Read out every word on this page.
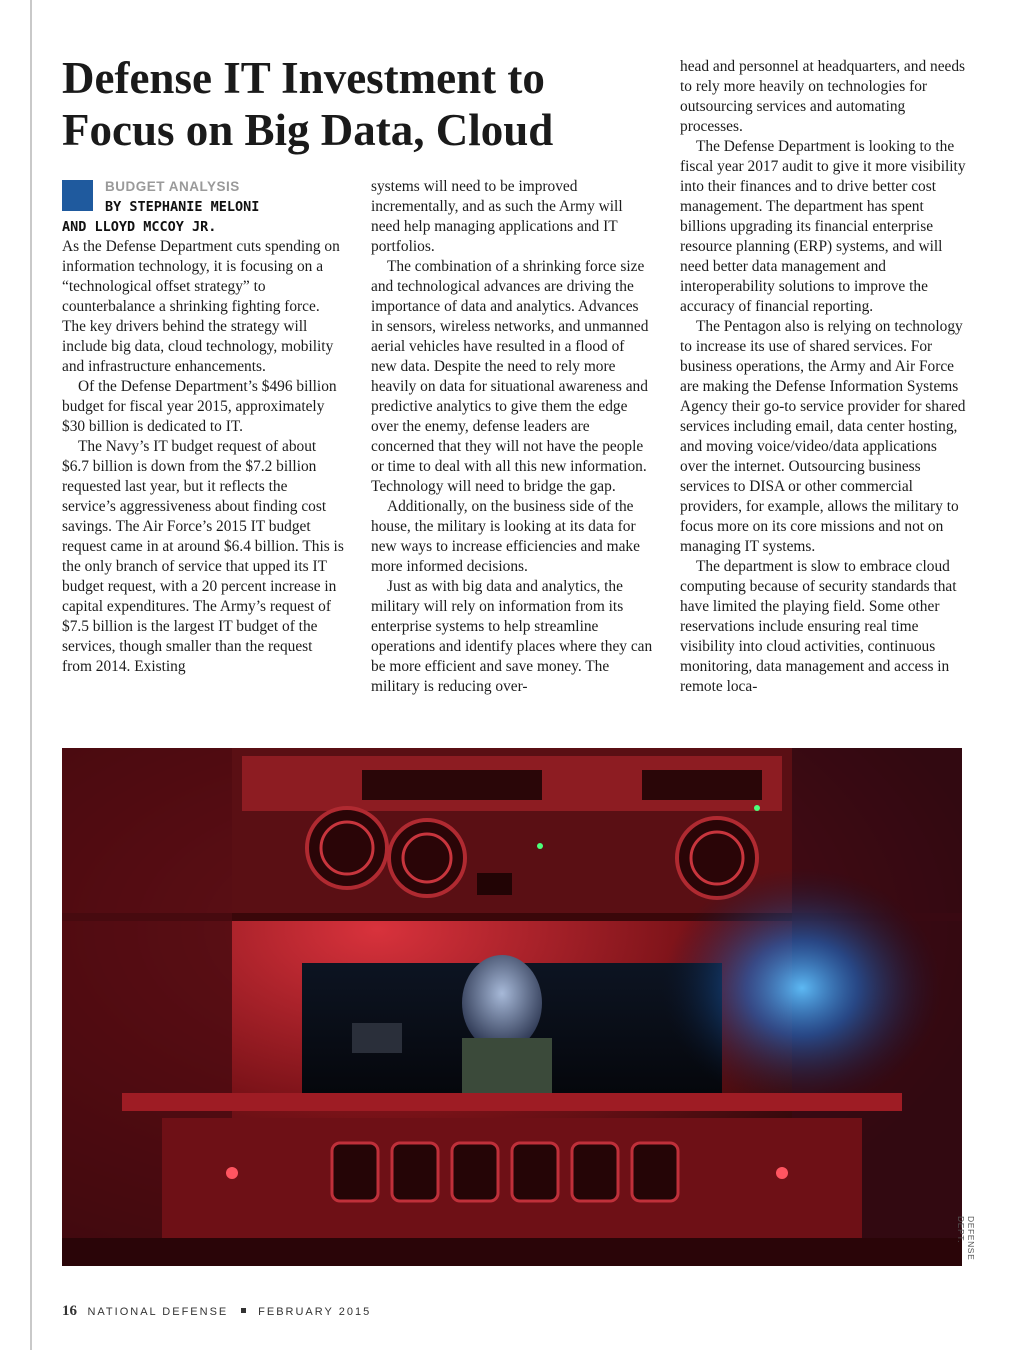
Defense IT Investment to Focus on Big Data, Cloud
BUDGET ANALYSIS
BY STEPHANIE MELONI
AND LLOYD MCCOY JR.

As the Defense Department cuts spending on information technology, it is focusing on a “technological offset strategy” to counterbalance a shrinking fighting force. The key drivers behind the strategy will include big data, cloud technology, mobility and infrastructure enhancements.

Of the Defense Department’s $496 billion budget for fiscal year 2015, approximately $30 billion is dedicated to IT.

The Navy’s IT budget request of about $6.7 billion is down from the $7.2 billion requested last year, but it reflects the service’s aggressiveness about finding cost savings. The Air Force’s 2015 IT budget request came in at around $6.4 billion. This is the only branch of service that upped its IT budget request, with a 20 percent increase in capital expenditures. The Army’s request of $7.5 billion is the largest IT budget of the services, though smaller than the request from 2014. Existing

systems will need to be improved incrementally, and as such the Army will need help managing applications and IT portfolios.

The combination of a shrinking force size and technological advances are driving the importance of data and analytics. Advances in sensors, wireless networks, and unmanned aerial vehicles have resulted in a flood of new data. Despite the need to rely more heavily on data for situational awareness and predictive analytics to give them the edge over the enemy, defense leaders are concerned that they will not have the people or time to deal with all this new information. Technology will need to bridge the gap.

Additionally, on the business side of the house, the military is looking at its data for new ways to increase efficiencies and make more informed decisions.

Just as with big data and analytics, the military will rely on information from its enterprise systems to help streamline operations and identify places where they can be more efficient and save money. The military is reducing over-

head and personnel at headquarters, and needs to rely more heavily on technologies for outsourcing services and automating processes.

The Defense Department is looking to the fiscal year 2017 audit to give it more visibility into their finances and to drive better cost management. The department has spent billions upgrading its financial enterprise resource planning (ERP) systems, and will need better data management and interoperability solutions to improve the accuracy of financial reporting.

The Pentagon also is relying on technology to increase its use of shared services. For business operations, the Army and Air Force are making the Defense Information Systems Agency their go-to service provider for shared services including email, data center hosting, and moving voice/video/data applications over the internet. Outsourcing business services to DISA or other commercial providers, for example, allows the military to focus more on its core missions and not on managing IT systems.

The department is slow to embrace cloud computing because of security standards that have limited the playing field. Some other reservations include ensuring real time visibility into cloud activities, continuous monitoring, data management and access in remote loca-

DEFENSE DEPT.
16 NATIONAL DEFENSE	FEBRUARY 2015
